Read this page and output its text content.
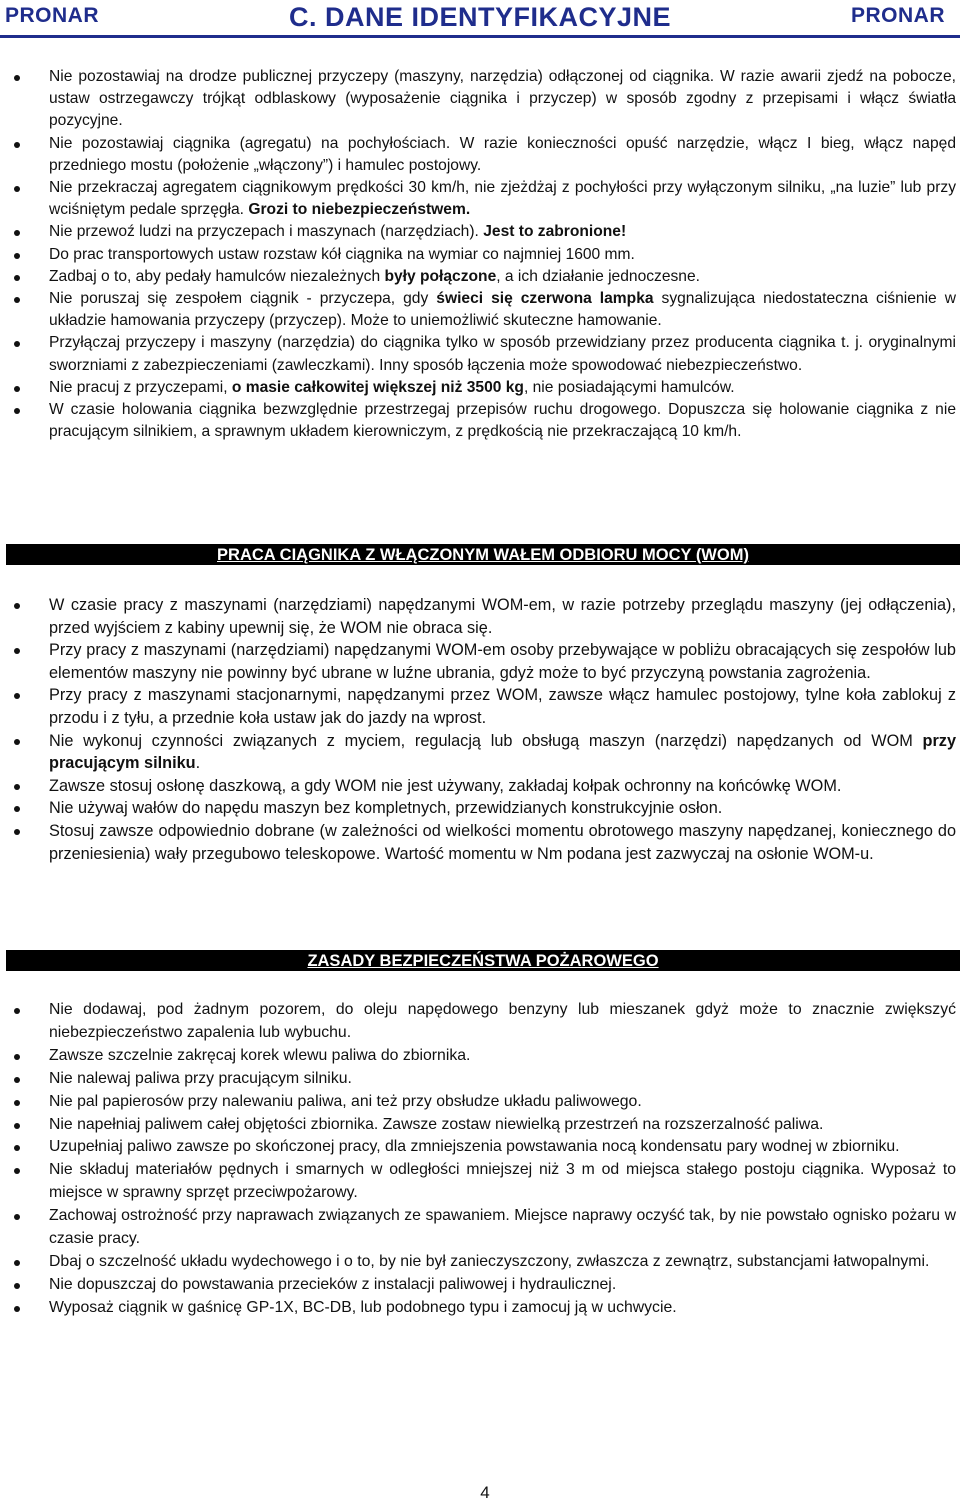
PRONAR	C. DANE IDENTYFIKACYJNE	PRONAR
Nie pozostawiaj na drodze publicznej przyczepy (maszyny, narzędzia) odłączonej od ciągnika. W razie awarii zjedź na pobocze, ustaw ostrzegawczy trójkąt odblaskowy (wyposażenie ciągnika i przyczep) w sposób zgodny z przepisami i włącz światła pozycyjne.
Nie pozostawiaj ciągnika (agregatu) na pochyłościach. W razie konieczności opuść narzędzie, włącz I bieg, włącz napęd przedniego mostu (położenie „włączony”) i hamulec postojowy.
Nie przekraczaj agregatem ciągnikowym prędkości 30 km/h, nie zjeżdżaj z pochyłości przy wyłączonym silniku, „na luzie” lub przy wciśniętym pedale sprzęgła. Grozi to niebezpieczeństwem.
Nie przewoź ludzi na przyczepach i maszynach (narzędziach). Jest to zabronione!
Do prac transportowych ustaw rozstaw kół ciągnika na wymiar co najmniej 1600 mm.
Zadbaj o to, aby pedały hamulców niezależnych były połączone, a ich działanie jednoczesne.
Nie poruszaj się zespołem ciągnik - przyczepa, gdy świeci się czerwona lampka sygnalizująca niedostateczna ciśnienie w układzie hamowania przyczepy (przyczep). Może to uniemożliwić skuteczne hamowanie.
Przyłączaj przyczepy i maszyny (narzędzia) do ciągnika tylko w sposób przewidziany przez producenta ciągnika t. j. oryginalnymi sworzniami z zabezpieczeniami (zawleczkami). Inny sposób łączenia może spowodować niebezpieczeństwo.
Nie pracuj z przyczepami, o masie całkowitej większej niż 3500 kg, nie posiadającymi hamulców.
W czasie holowania ciągnika bezwzględnie przestrzegaj przepisów ruchu drogowego. Dopuszcza się holowanie ciągnika z nie pracującym silnikiem, a sprawnym układem kierowniczym, z prędkością nie przekraczającą 10 km/h.
PRACA CIĄGNIKA Z WŁĄCZONYM WAŁEM ODBIORU MOCY (WOM)
W czasie pracy z maszynami (narzędziami) napędzanymi WOM-em, w razie potrzeby przeglądu maszyny (jej odłączenia), przed wyjściem z kabiny upewnij się, że WOM nie obraca się.
Przy pracy z maszynami (narzędziami) napędzanymi WOM-em osoby przebywające w pobliżu obracających się zespołów lub elementów maszyny nie powinny być ubrane w luźne ubrania, gdyż może to być przyczyną powstania zagrożenia.
Przy pracy z maszynami stacjonarnymi, napędzanymi przez WOM, zawsze włącz hamulec postojowy, tylne koła zablokuj z przodu i z tyłu, a przednie koła ustaw jak do jazdy na wprost.
Nie wykonuj czynności związanych z myciem, regulacją lub obsługą maszyn (narzędzi) napędzanych od WOM przy pracującym silniku.
Zawsze stosuj osłonę daszkową, a gdy WOM nie jest używany, zakładaj kołpak ochronny na końcówkę WOM.
Nie używaj wałów do napędu maszyn bez kompletnych, przewidzianych konstrukcyjnie osłon.
Stosuj zawsze odpowiednio dobrane (w zależności od wielkości momentu obrotowego maszyny napędzanej, koniecznego do przeniesienia) wały przegubowo teleskopowe. Wartość momentu w Nm podana jest zazwyczaj na osłonie WOM-u.
ZASADY BEZPIECZEŃSTWA POŻAROWEGO
Nie dodawaj, pod żadnym pozorem, do oleju napędowego benzyny lub mieszanek gdyż może to znacznie zwiększyć niebezpieczeństwo zapalenia lub wybuchu.
Zawsze szczelnie zakręcaj korek wlewu paliwa do zbiornika.
Nie nalewaj paliwa przy pracującym silniku.
Nie pal papierosów przy nalewaniu paliwa, ani też przy obsłudze układu paliwowego.
Nie napełniaj paliwem całej objętości zbiornika. Zawsze zostaw niewielką przestrzeń na rozszerzalność paliwa.
Uzupełniaj paliwo zawsze po skończonej pracy, dla zmniejszenia powstawania nocą kondensatu pary wodnej w zbiorniku.
Nie składuj materiałów pędnych i smarnych w odległości mniejszej niż 3 m od miejsca stałego postoju ciągnika. Wyposaż to miejsce w sprawny sprzęt przeciwpożarowy.
Zachowaj ostrożność przy naprawach związanych ze spawaniem. Miejsce naprawy oczyść tak, by nie powstało ognisko pożaru w czasie pracy.
Dbaj o szczelność układu wydechowego i o to, by nie był zanieczyszczony, zwłaszcza z zewnątrz, substancjami łatwopalnymi.
Nie dopuszczaj do powstawania przecieków z instalacji paliwowej i hydraulicznej.
Wyposaż ciągnik w gaśnicę GP-1X, BC-DB, lub podobnego typu i zamocuj ją w uchwycie.
4
